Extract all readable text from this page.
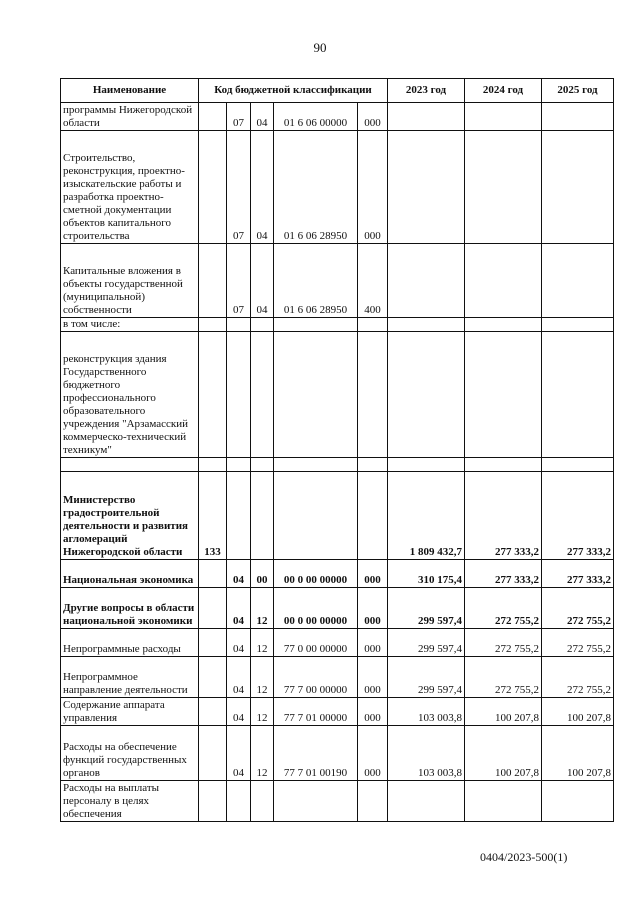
90
Наименование	Код бюджетной классификации					2023 год	2024 год	2025 год
программы Нижегородской области		07	04	01 6 06 00000	000			
Строительство, реконструкция, проектно-изыскательские работы и разработка проектно-сметной документации объектов капитального строительства		07	04	01 6 06 28950	000			
Капитальные вложения в объекты государственной (муниципальной) собственности		07	04	01 6 06 28950	400			
в том числе:								
реконструкция здания Государственного бюджетного профессионального образовательного учреждения "Арзамасский коммерческо-технический техникум"								

Министерство градостроительной деятельности и развития агломераций Нижегородской области	133					1 809 432,7	277 333,2	277 333,2
Национальная экономика		04	00	00 0 00 00000	000	310 175,4	277 333,2	277 333,2
Другие вопросы в области национальной экономики		04	12	00 0 00 00000	000	299 597,4	272 755,2	272 755,2
Непрограммные расходы		04	12	77 0 00 00000	000	299 597,4	272 755,2	272 755,2
Непрограммное направление деятельности		04	12	77 7 00 00000	000	299 597,4	272 755,2	272 755,2
Содержание аппарата управления		04	12	77 7 01 00000	000	103 003,8	100 207,8	100 207,8
Расходы на обеспечение функций государственных органов		04	12	77 7 01 00190	000	103 003,8	100 207,8	100 207,8
Расходы на выплаты персоналу в целях обеспечения								
0404/2023-500(1)
